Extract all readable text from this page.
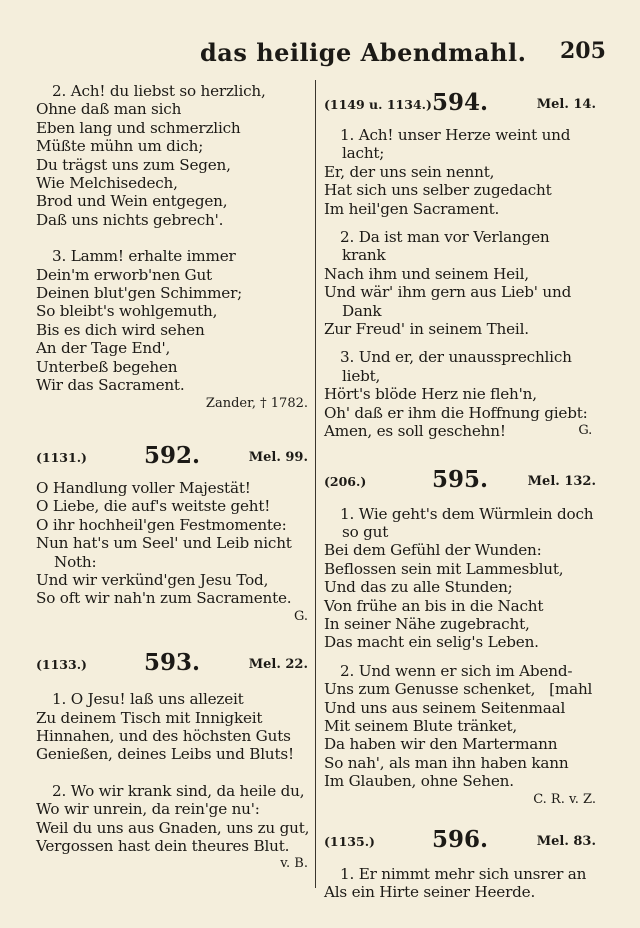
das heilige Abendmahl. 205
2. Ach! du liebst so herzlich,
Ohne daß man sich
Eben lang und schmerzlich
Müßte mühn um dich;
Du trägst uns zum Segen,
Wie Melchisedech,
Brod und Wein entgegen,
Daß uns nichts gebrech'.
3. Lamm! erhalte immer
Dein'm erworb'nen Gut
Deinen blut'gen Schimmer;
So bleibt's wohlgemuth,
Bis es dich wird sehen
An der Tage End',
Unterbeß begehen
Wir das Sacrament.
Zander, † 1782.
(1131.)	592.	Mel. 99.
O Handlung voller Majestät!
O Liebe, die auf's weitste geht!
O ihr hochheil'gen Festmomente:
Nun hat's um Seel' und Leib nicht
Noth:
Und wir verkünd'gen Jesu Tod,
So oft wir nah'n zum Sacramente.
G.
(1133.)	593.	Mel. 22.
1. O Jesu! laß uns allezeit
Zu deinem Tisch mit Innigkeit
Hinnahen, und des höchsten Guts
Genießen, deines Leibs und Bluts!
2. Wo wir krank sind, da heile du,
Wo wir unrein, da rein'ge nu':
Weil du uns aus Gnaden, uns zu gut,
Vergossen hast dein theures Blut.
v. B.
(1149 u. 1134.) 594.	Mel. 14.
1. Ach! unser Herze weint und
lacht;
Er, der uns sein nennt,
Hat sich uns selber zugedacht
Im heil'gen Sacrament.
2. Da ist man vor Verlangen
krank
Nach ihm und seinem Heil,
Und wär' ihm gern aus Lieb' und
Dank
Zur Freud' in seinem Theil.
3. Und er, der unaussprechlich
liebt,
Hört's blöde Herz nie fleh'n,
Oh' daß er ihm die Hoffnung giebt:
Amen, es soll geschehn!	G.
(206.)	595.	Mel. 132.
1. Wie geht's dem Würmlein doch
so gut
Bei dem Gefühl der Wunden:
Beflossen sein mit Lammesblut,
Und das zu alle Stunden;
Von frühe an bis in die Nacht
In seiner Nähe zugebracht,
Das macht ein selig's Leben.
2. Und wenn er sich im Abend-
Uns zum Genusse schenket,   [mahl
Und uns aus seinem Seitenmaal
Mit seinem Blute tränket,
Da haben wir den Martermann
So nah', als man ihn haben kann
Im Glauben, ohne Sehen.
C. R. v. Z.
(1135.)	596.	Mel. 83.
1. Er nimmt mehr sich unsrer an
Als ein Hirte seiner Heerde.
